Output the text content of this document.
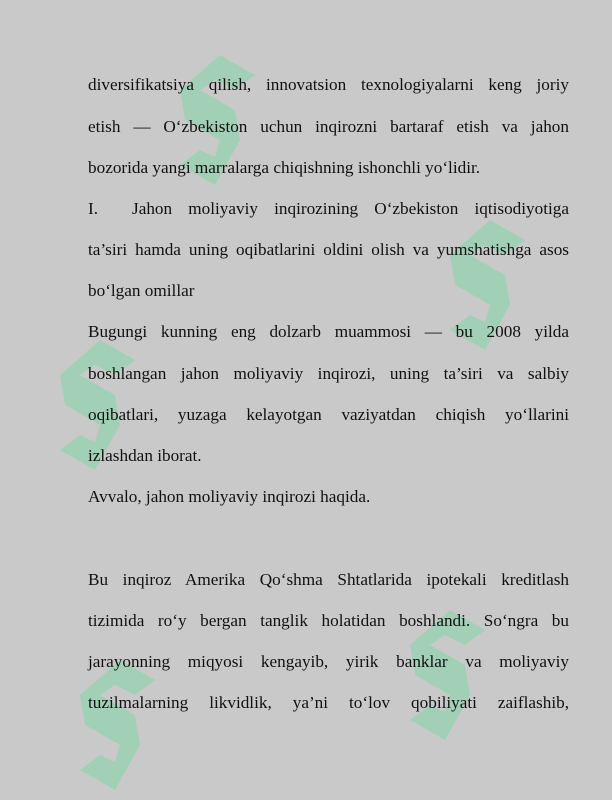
diversifikatsiya qilish, innovatsion texnologiyalarni keng joriy
etish — O‘zbekiston uchun inqirozni bartaraf etish va jahon
bozorida yangi marralarga chiqishning ishonchli yo‘lidir.
I. Jahon moliyaviy inqirozining O‘zbekiston iqtisodiyotiga
ta’siri hamda uning oqibatlarini oldini olish va yumshatishga asos
bo‘lgan omillar
Bugungi kunning eng dolzarb muammosi — bu 2008 yilda
boshlangan jahon moliyaviy inqirozi, uning ta’siri va salbiy
oqibatlari, yuzaga kelayotgan vaziyatdan chiqish yo‘llarini
izlashdan iborat.
Avvalo, jahon moliyaviy inqirozi haqida.
Bu inqiroz Amerika Qo‘shma Shtatlarida ipotekali kreditlash
tizimida ro‘y bergan tanglik holatidan boshlandi. So‘ngra bu
jarayonning miqyosi kengayib, yirik banklar va moliyaviy
tuzilmalarning likvidlik, ya’ni to‘lov qobiliyati zaiflashib,
